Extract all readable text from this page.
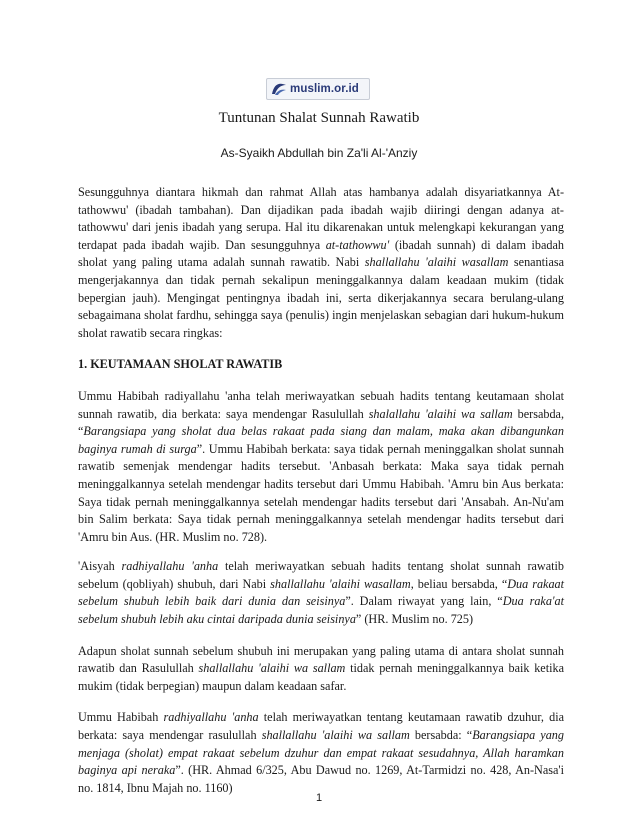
muslim.or.id
Tuntunan Shalat Sunnah Rawatib

As-Syaikh Abdullah bin Za'li Al-'Anziy

Sesungguhnya diantara hikmah dan rahmat Allah atas hambanya adalah disyariatkannya At-tathowwu' (ibadah tambahan). Dan dijadikan pada ibadah wajib diiringi dengan adanya at-tathowwu' dari jenis ibadah yang serupa. Hal itu dikarenakan untuk melengkapi kekurangan yang terdapat pada ibadah wajib. Dan sesungguhnya at-tathowwu' (ibadah sunnah) di dalam ibadah sholat yang paling utama adalah sunnah rawatib. Nabi shallallahu 'alaihi wasallam senantiasa mengerjakannya dan tidak pernah sekalipun meninggalkannya dalam keadaan mukim (tidak bepergian jauh). Mengingat pentingnya ibadah ini, serta dikerjakannya secara berulang-ulang sebagaimana sholat fardhu, sehingga saya (penulis) ingin menjelaskan sebagian dari hukum-hukum sholat rawatib secara ringkas:

1. KEUTAMAAN SHOLAT RAWATIB

Ummu Habibah radiyallahu 'anha telah meriwayatkan sebuah hadits tentang keutamaan sholat sunnah rawatib, dia berkata: saya mendengar Rasulullah shalallahu 'alaihi wa sallam bersabda, “Barangsiapa yang sholat dua belas rakaat pada siang dan malam, maka akan dibangunkan baginya rumah di surga”. Ummu Habibah berkata: saya tidak pernah meninggalkan sholat sunnah rawatib semenjak mendengar hadits tersebut. 'Anbasah berkata: Maka saya tidak pernah meninggalkannya setelah mendengar hadits tersebut dari Ummu Habibah. 'Amru bin Aus berkata: Saya tidak pernah meninggalkannya setelah mendengar hadits tersebut dari 'Ansabah. An-Nu'am bin Salim berkata: Saya tidak pernah meninggalkannya setelah mendengar hadits tersebut dari 'Amru bin Aus. (HR. Muslim no. 728).

'Aisyah radhiyallahu 'anha telah meriwayatkan sebuah hadits tentang sholat sunnah rawatib sebelum (qobliyah) shubuh, dari Nabi shallallahu 'alaihi wasallam, beliau bersabda, “Dua rakaat sebelum shubuh lebih baik dari dunia dan seisinya”. Dalam riwayat yang lain, “Dua raka'at sebelum shubuh lebih aku cintai daripada dunia seisinya” (HR. Muslim no. 725)

Adapun sholat sunnah sebelum shubuh ini merupakan yang paling utama di antara sholat sunnah rawatib dan Rasulullah shallallahu 'alaihi wa sallam tidak pernah meninggalkannya baik ketika mukim (tidak berpegian) maupun dalam keadaan safar.

Ummu Habibah radhiyallahu 'anha telah meriwayatkan tentang keutamaan rawatib dzuhur, dia berkata: saya mendengar rasulullah shallallahu 'alaihi wa sallam bersabda: “Barangsiapa yang menjaga (sholat) empat rakaat sebelum dzuhur dan empat rakaat sesudahnya, Allah haramkan baginya api neraka”. (HR. Ahmad 6/325, Abu Dawud no. 1269, At-Tarmidzi no. 428, An-Nasa'i no. 1814, Ibnu Majah no. 1160)

1
